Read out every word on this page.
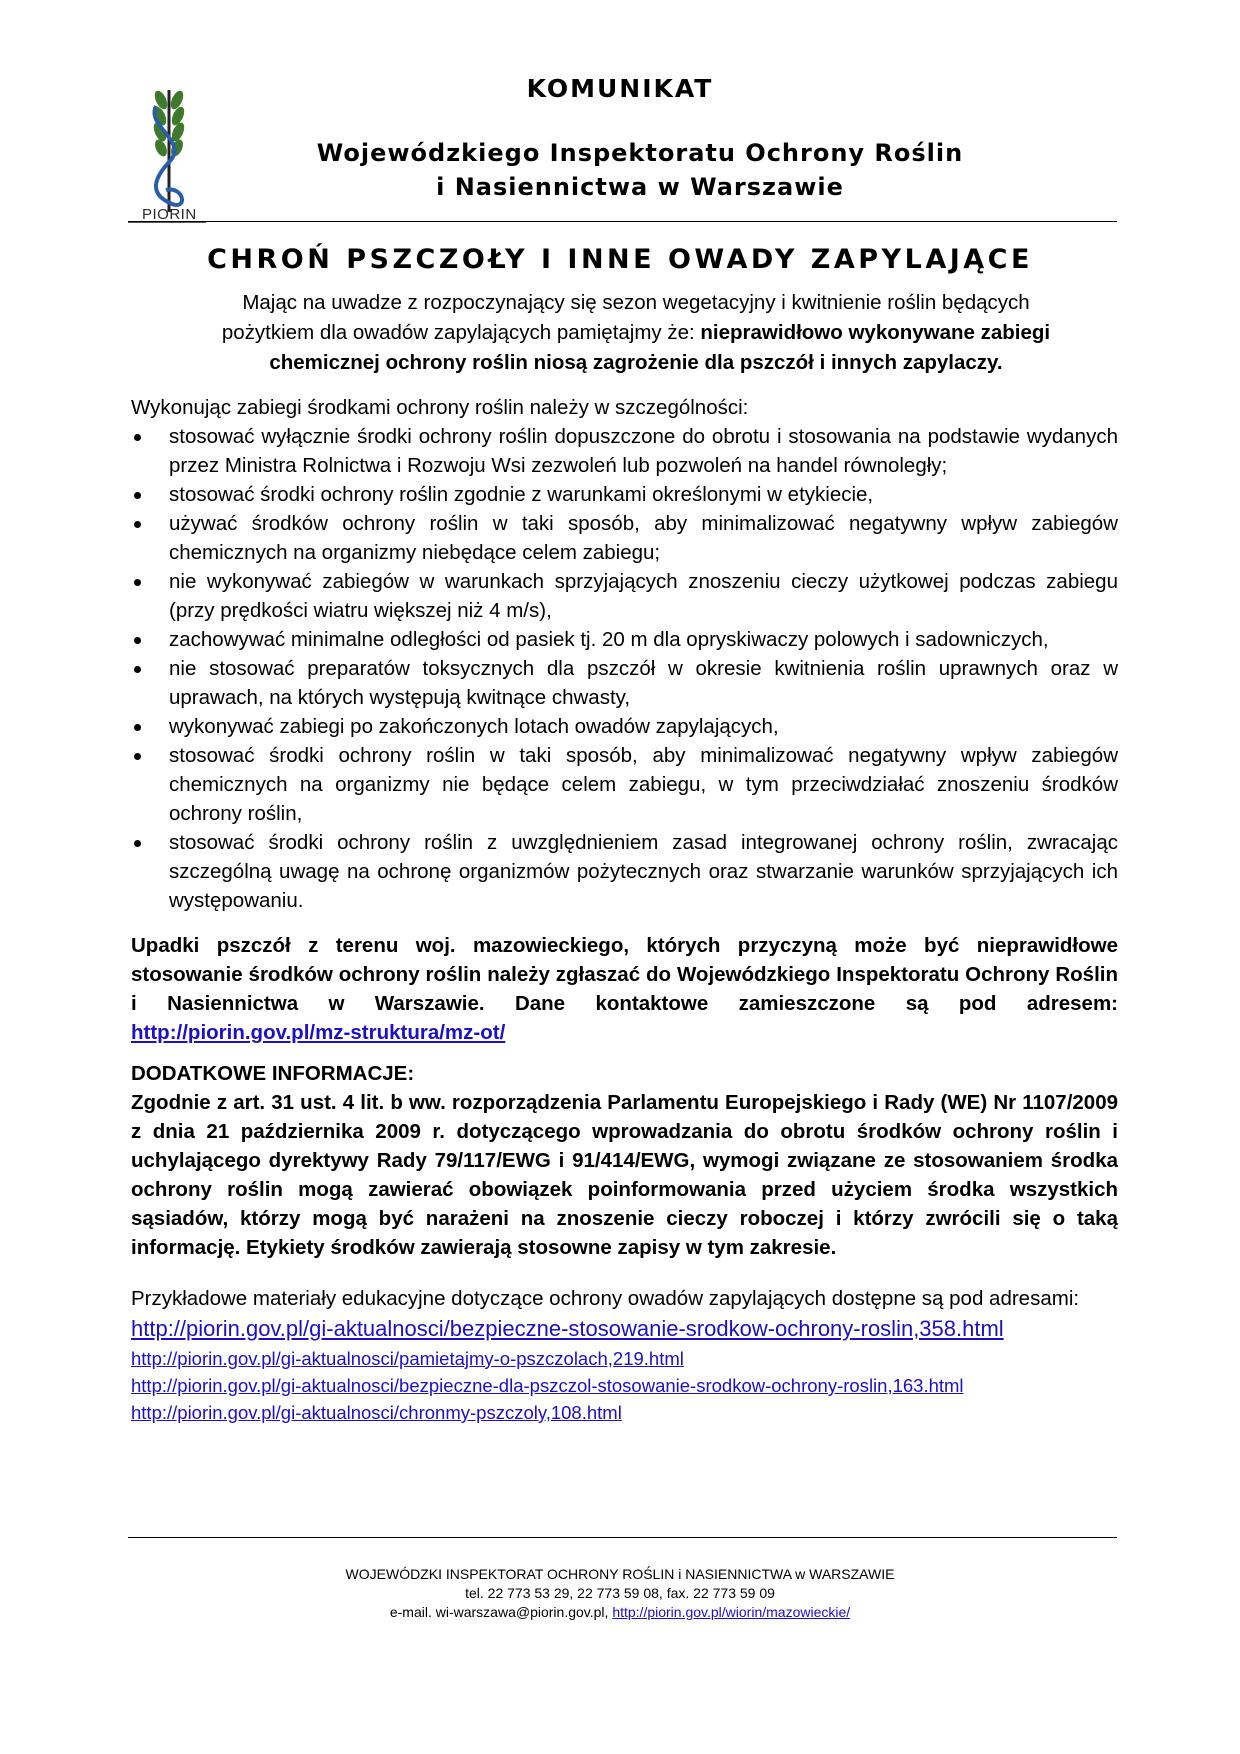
PIORIN
KOMUNIKAT
Wojewódzkiego Inspektoratu Ochrony Roślin
i Nasiennictwa w Warszawie
CHROŃ PSZCZOŁY I INNE OWADY ZAPYLAJĄCE
Mając na uwadze z rozpoczynający się sezon wegetacyjny i kwitnienie roślin będących pożytkiem dla owadów zapylających pamiętajmy że: nieprawidłowo wykonywane zabiegi chemicznej ochrony roślin niosą zagrożenie dla pszczół i innych zapylaczy.

Wykonując zabiegi środkami ochrony roślin należy w szczególności:

stosować wyłącznie środki ochrony roślin dopuszczone do obrotu i stosowania na podstawie wydanych przez Ministra Rolnictwa i Rozwoju Wsi zezwoleń lub pozwoleń na handel równoległy;
stosować środki ochrony roślin zgodnie z warunkami określonymi w etykiecie,
używać środków ochrony roślin w taki sposób, aby minimalizować negatywny wpływ zabiegów chemicznych na organizmy niebędące celem zabiegu;
nie wykonywać zabiegów w warunkach sprzyjających znoszeniu cieczy użytkowej podczas zabiegu (przy prędkości wiatru większej niż 4 m/s),
zachowywać minimalne odległości od pasiek tj. 20 m dla opryskiwaczy polowych i sadowniczych,
nie stosować preparatów toksycznych dla pszczół w okresie kwitnienia roślin uprawnych oraz w uprawach, na których występują kwitnące chwasty,
wykonywać zabiegi po zakończonych lotach owadów zapylających,
stosować środki ochrony roślin w taki sposób, aby minimalizować negatywny wpływ zabiegów chemicznych na organizmy nie będące celem zabiegu, w tym przeciwdziałać znoszeniu środków ochrony roślin,
stosować środki ochrony roślin z uwzględnieniem zasad integrowanej ochrony roślin, zwracając szczególną uwagę na ochronę organizmów pożytecznych oraz stwarzanie warunków sprzyjających ich występowaniu.

Upadki pszczół z terenu woj. mazowieckiego, których przyczyną może być nieprawidłowe stosowanie środków ochrony roślin należy zgłaszać do Wojewódzkiego Inspektoratu Ochrony Roślin i Nasiennictwa w Warszawie. Dane kontaktowe zamieszczone są pod adresem: http://piorin.gov.pl/mz-struktura/mz-ot/

DODATKOWE INFORMACJE:

Zgodnie z art. 31 ust. 4 lit. b ww. rozporządzenia Parlamentu Europejskiego i Rady (WE) Nr 1107/2009 z dnia 21 października 2009 r. dotyczącego wprowadzania do obrotu środków ochrony roślin i uchylającego dyrektywy Rady 79/117/EWG i 91/414/EWG, wymogi związane ze stosowaniem środka ochrony roślin mogą zawierać obowiązek poinformowania przed użyciem środka wszystkich sąsiadów, którzy mogą być narażeni na znoszenie cieczy roboczej i którzy zwrócili się o taką informację. Etykiety środków zawierają stosowne zapisy w tym zakresie.

Przykładowe materiały edukacyjne dotyczące ochrony owadów zapylających dostępne są pod adresami:

http://piorin.gov.pl/gi-aktualnosci/bezpieczne-stosowanie-srodkow-ochrony-roslin,358.html
http://piorin.gov.pl/gi-aktualnosci/pamietajmy-o-pszczolach,219.html
http://piorin.gov.pl/gi-aktualnosci/bezpieczne-dla-pszczol-stosowanie-srodkow-ochrony-roslin,163.html
http://piorin.gov.pl/gi-aktualnosci/chronmy-pszczoly,108.html
WOJEWÓDZKI INSPEKTORAT OCHRONY ROŚLIN i NASIENNICTWA w WARSZAWIE
tel. 22 773 53 29, 22 773 59 08, fax. 22 773 59 09
e-mail. wi-warszawa@piorin.gov.pl, http://piorin.gov.pl/wiorin/mazowieckie/
